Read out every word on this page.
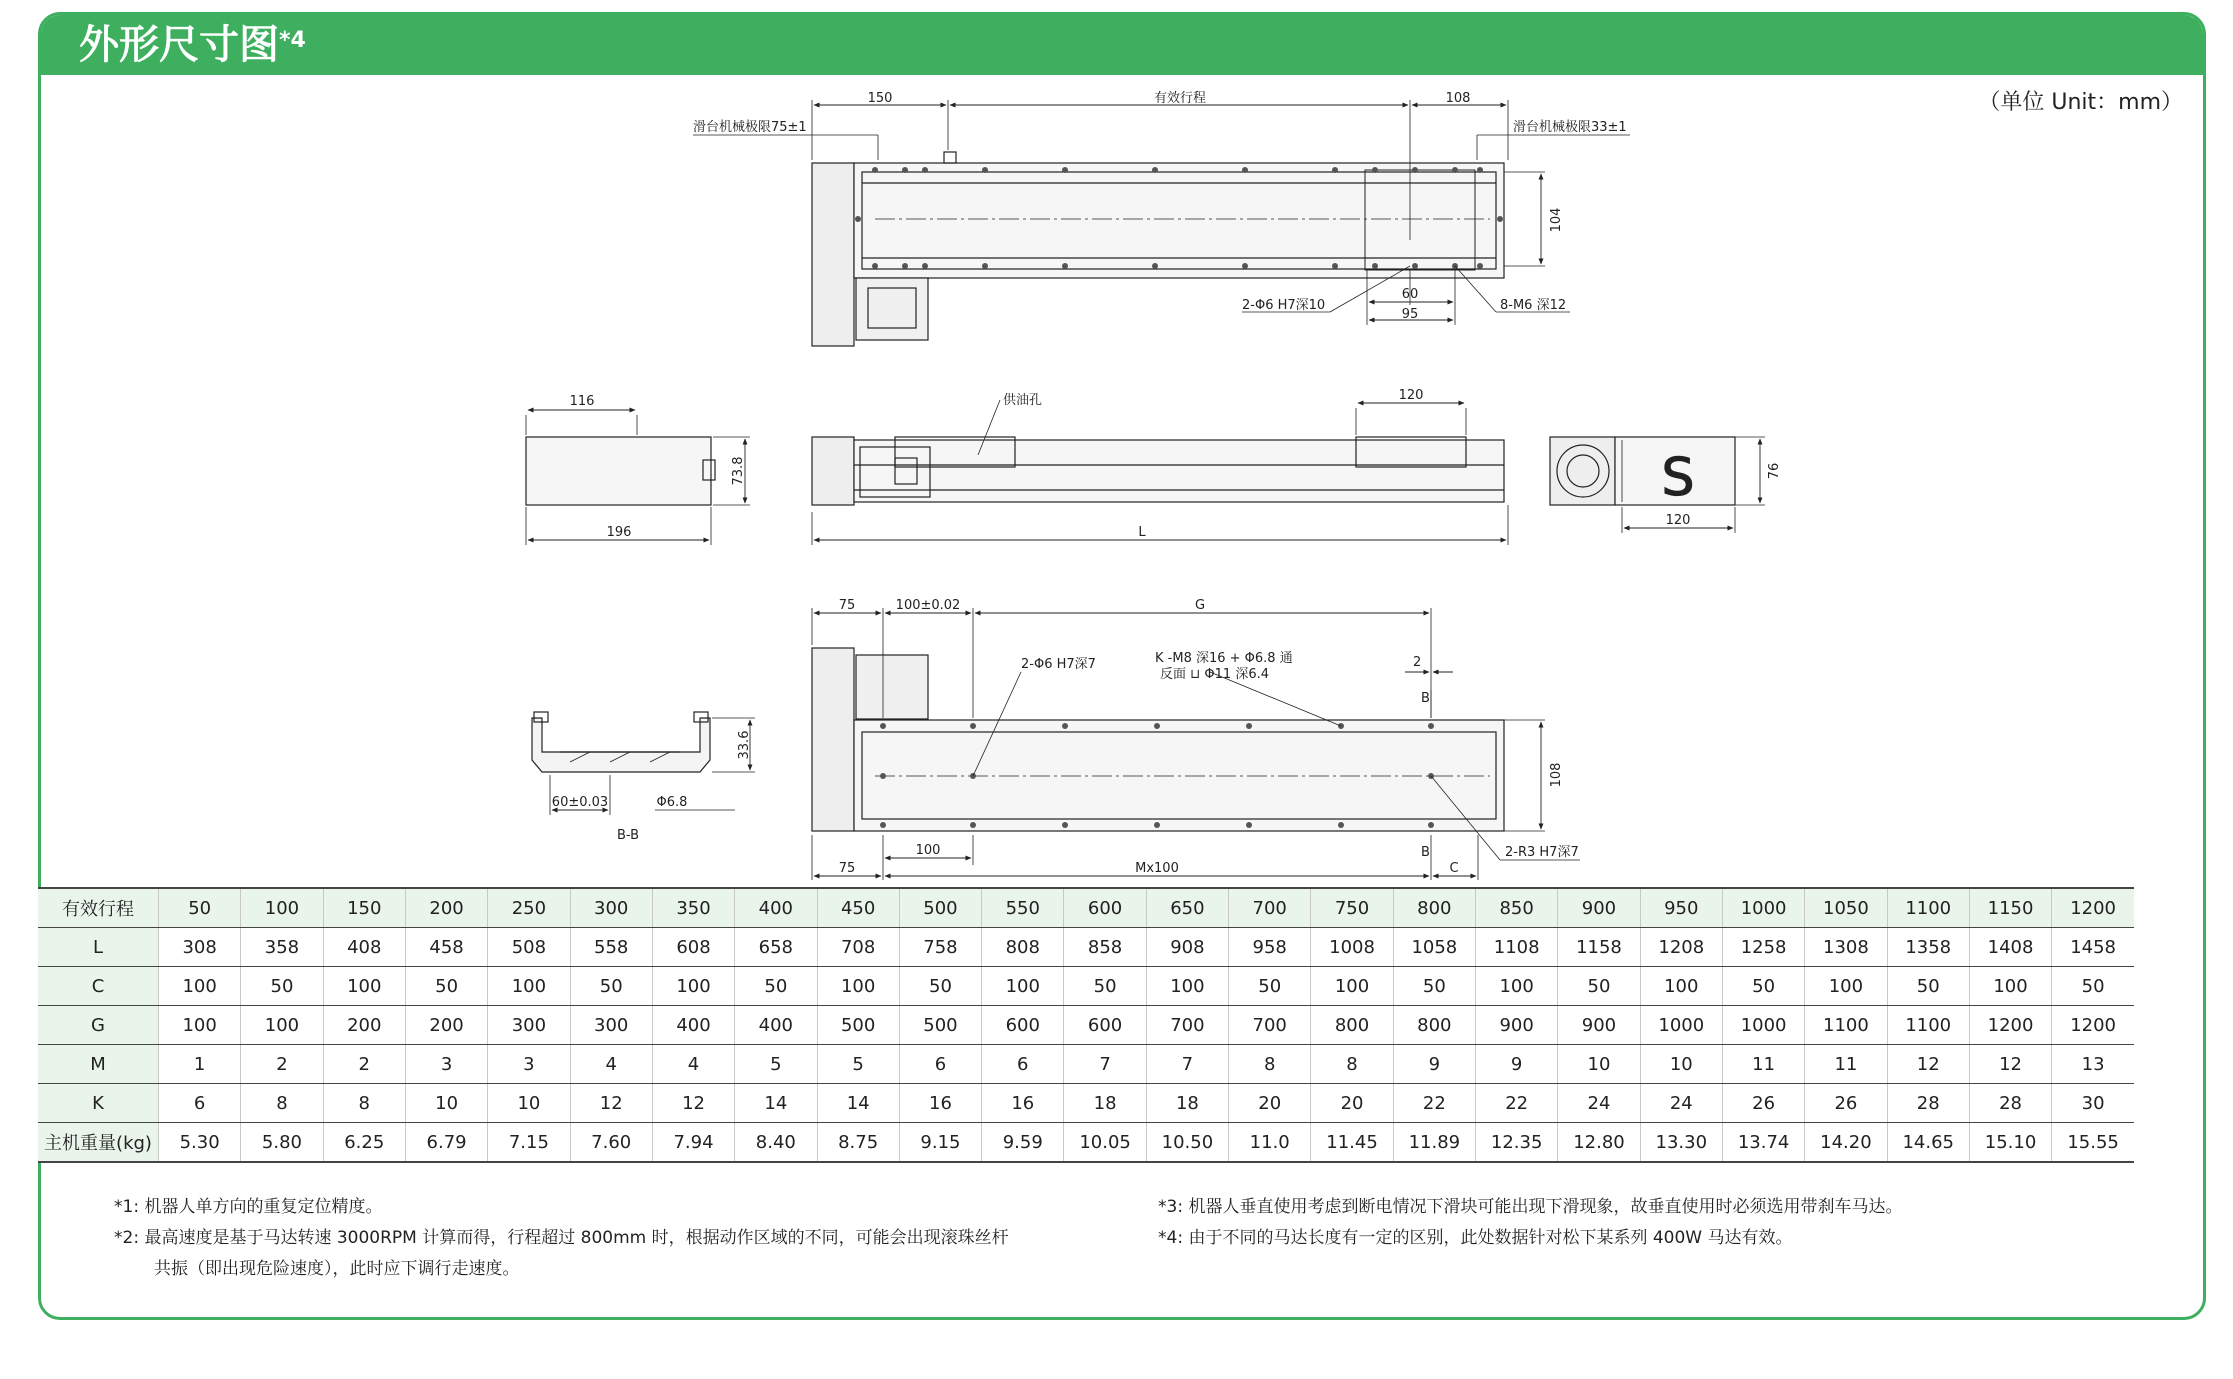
外形尺寸图$^{*4}$
（单位 Unit：mm）
150	有效行程	108
滑台机械极限75±1	滑台机械极限33±1
104
60
95
2-Φ6 H7深10	8-M6 深12
116
73.8
196
供油孔	120
L
76
120
S
75	100±0.02	G
2-Φ6 H7深7	K -M8 深16 + Φ6.8 通
反面 ⊔ Φ11 深6.4
2
B
108
100
75	Mx100
B
C
2-R3 H7深7
60±0.03	Φ6.8
33.6
B-B
有效行程	50	100	150	200	250	300	350	400	450	500	550	600	650	700	750	800	850	900	950	1000	1050	1100	1150	1200
L	308	358	408	458	508	558	608	658	708	758	808	858	908	958	1008	1058	1108	1158	1208	1258	1308	1358	1408	1458
C	100	50	100	50	100	50	100	50	100	50	100	50	100	50	100	50	100	50	100	50	100	50	100	50
G	100	100	200	200	300	300	400	400	500	500	600	600	700	700	800	800	900	900	1000	1000	1100	1100	1200	1200
M	1	2	2	3	3	4	4	5	5	6	6	7	7	8	8	9	9	10	10	11	11	12	12	13
K	6	8	8	10	10	12	12	14	14	16	16	18	18	20	20	22	22	24	24	26	26	28	28	30
主机重量(kg)	5.30	5.80	6.25	6.79	7.15	7.60	7.94	8.40	8.75	9.15	9.59	10.05	10.50	11.0	11.45	11.89	12.35	12.80	13.30	13.74	14.20	14.65	15.10	15.55
*1: 机器人单方向的重复定位精度。
*2: 最高速度是基于马达转速 3000RPM 计算而得，行程超过 800mm 时，根据动作区域的不同，可能会出现滚珠丝杆
共振（即出现危险速度），此时应下调行走速度。
*3: 机器人垂直使用考虑到断电情况下滑块可能出现下滑现象，故垂直使用时必须选用带刹车马达。
*4: 由于不同的马达长度有一定的区别，此处数据针对松下某系列 400W 马达有效。
